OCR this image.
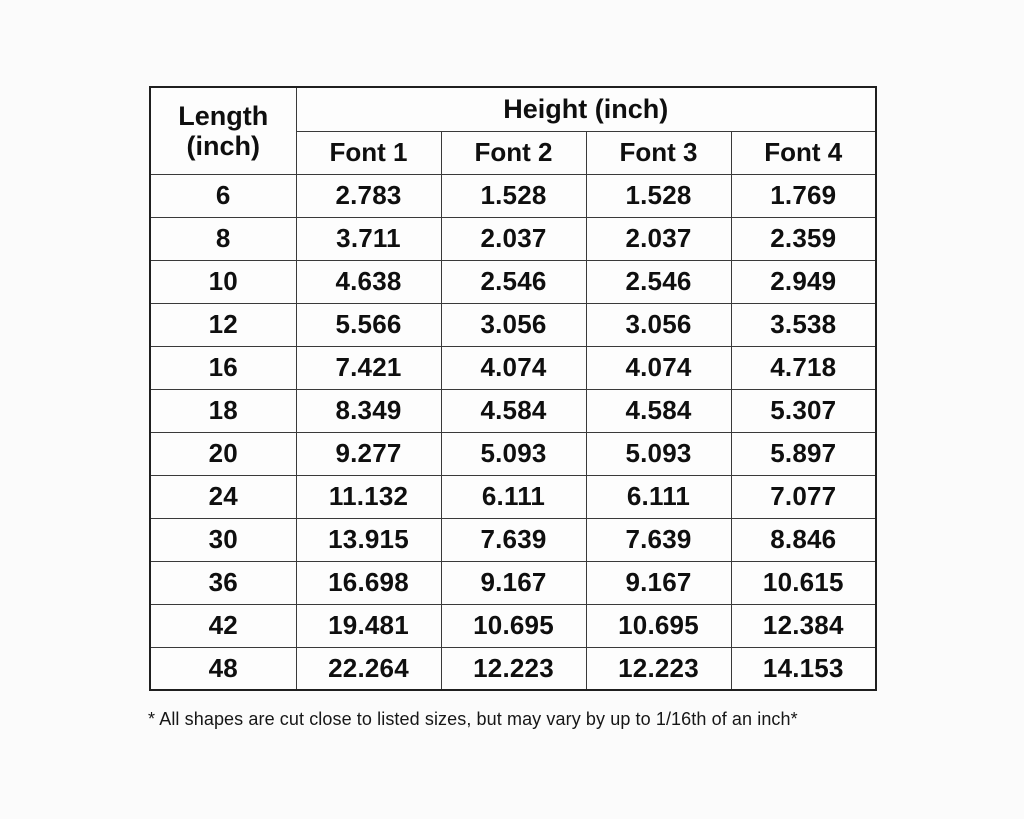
Length
(inch)	Height (inch)			
	Font 1	Font 2	Font 3	Font 4
6	2.783	1.528	1.528	1.769
8	3.711	2.037	2.037	2.359
10	4.638	2.546	2.546	2.949
12	5.566	3.056	3.056	3.538
16	7.421	4.074	4.074	4.718
18	8.349	4.584	4.584	5.307
20	9.277	5.093	5.093	5.897
24	11.132	6.111	6.111	7.077
30	13.915	7.639	7.639	8.846
36	16.698	9.167	9.167	10.615
42	19.481	10.695	10.695	12.384
48	22.264	12.223	12.223	14.153

* All shapes are cut close to listed sizes, but may vary by up to 1/16th of an inch*
